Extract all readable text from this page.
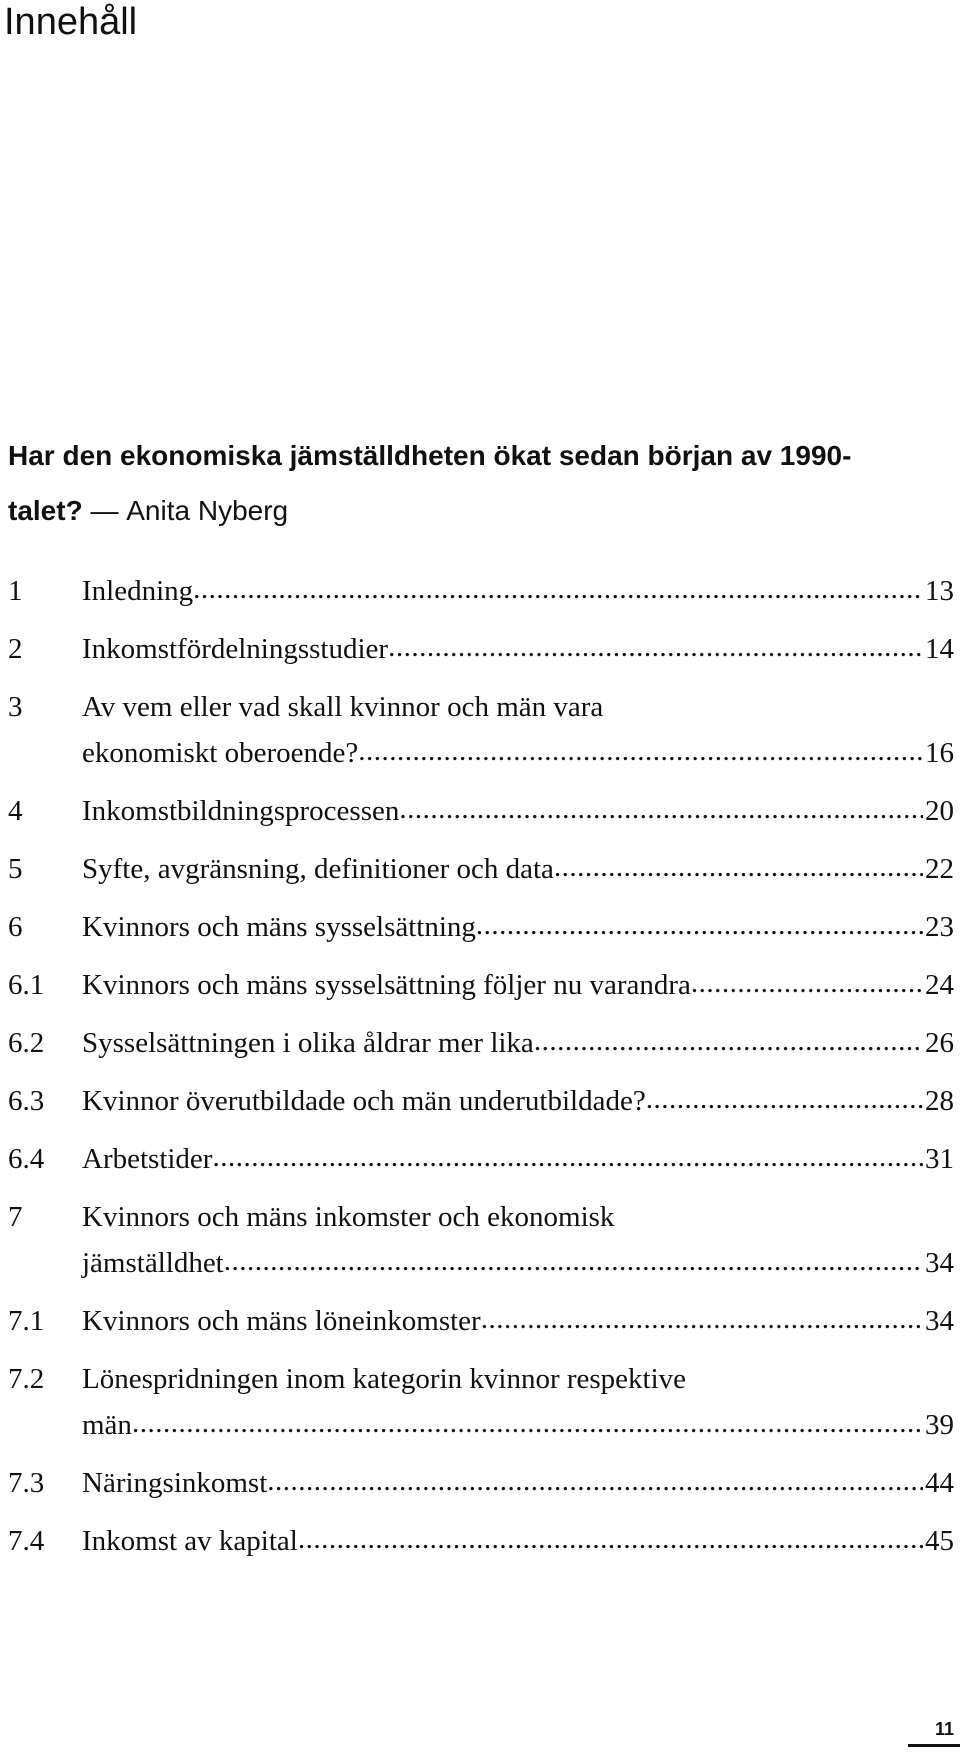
Innehåll
Har den ekonomiska jämställdheten ökat sedan början av 1990-talet? — Anita Nyberg
1	Inledning .....	13
2	Inkomstfördelningsstudier .....	14
3	Av vem eller vad skall kvinnor och män vara
ekonomiskt oberoende? .....	16
4	Inkomstbildningsprocessen .....	20
5	Syfte, avgränsning, definitioner och data .....	22
6	Kvinnors och mäns sysselsättning .....	23
6.1	Kvinnors och mäns sysselsättning följer nu varandra .....	24
6.2	Sysselsättningen i olika åldrar mer lika .....	26
6.3	Kvinnor överutbildade och män underutbildade? .....	28
6.4	Arbetstider .....	31
7	Kvinnors och mäns inkomster och ekonomisk
jämställdhet .....	34
7.1	Kvinnors och mäns löneinkomster .....	34
7.2	Lönespridningen inom kategorin kvinnor respektive
män .....	39
7.3	Näringsinkomst .....	44
7.4	Inkomst av kapital .....	45
11
